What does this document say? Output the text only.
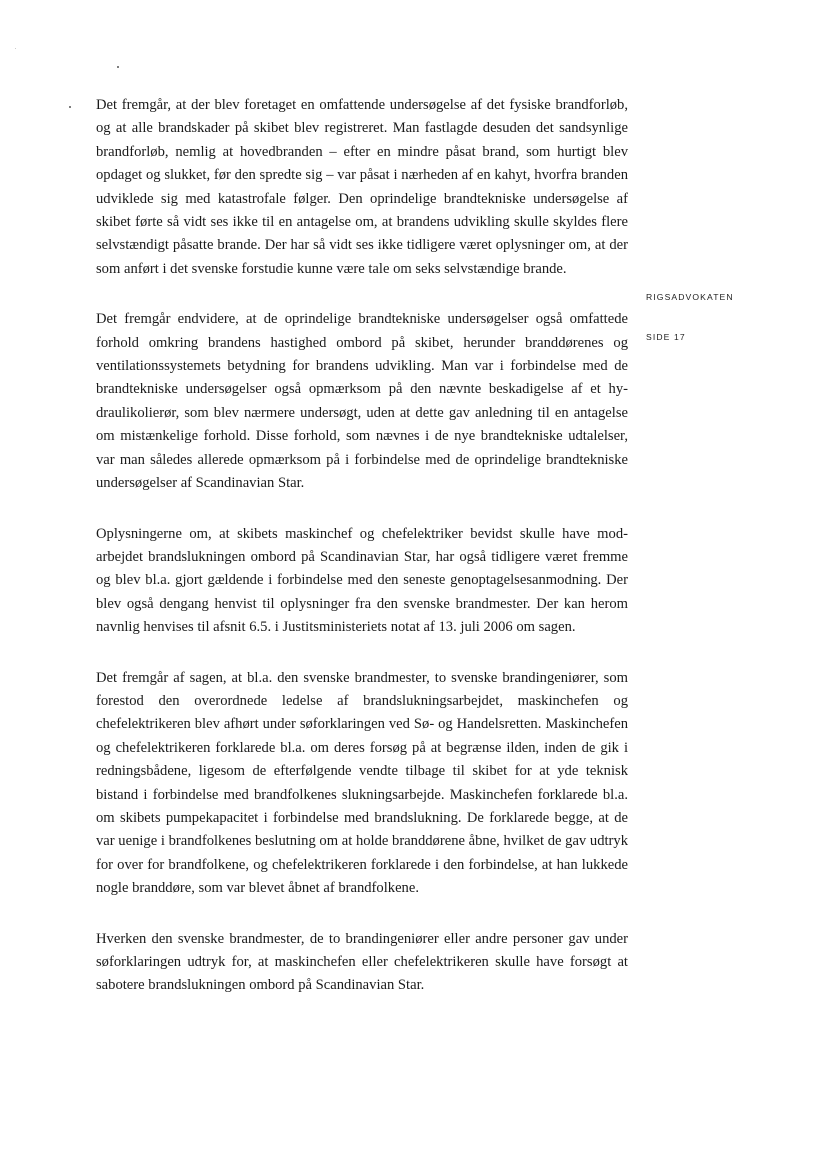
Det fremgår, at der blev foretaget en omfattende undersøgelse af det fysiske brandforløb, og at alle brandskader på skibet blev registreret. Man fastlagde desuden det sandsynlige brandforløb, nemlig at hovedbranden – efter en mindre påsat brand, som hurtigt blev opdaget og slukket, før den spredte sig – var påsat i nærheden af en kahyt, hvorfra branden udviklede sig med katastrofale følger. Den oprindelige brandtekniske undersøgelse af skibet førte så vidt ses ikke til en antagelse om, at brandens udvikling skulle skyldes flere selvstændigt påsatte brande. Der har så vidt ses ikke tidligere været oplysninger om, at der som anført i det svenske forstudie kunne være tale om seks selvstændige brande.

Det fremgår endvidere, at de oprindelige brandtekniske undersøgelser også omfattede forhold omkring brandens hastighed ombord på skibet, herunder branddørenes og ventilationssystemets betydning for brandens udvikling. Man var i forbindelse med de brandtekniske undersøgelser også opmærksom på den nævnte beskadigelse af et hydraulikolierør, som blev nærmere undersøgt, uden at dette gav anledning til en antagelse om mistænkelige forhold. Disse forhold, som nævnes i de nye brandtekniske udtalelser, var man således allerede opmærksom på i forbindelse med de oprindelige brandtekniske undersøgelser af Scandinavian Star.

Oplysningerne om, at skibets maskinchef og chefelektriker bevidst skulle have modarbejdet brandslukningen ombord på Scandinavian Star, har også tidligere været fremme og blev bl.a. gjort gældende i forbindelse med den seneste genoptagelsesanmodning. Der blev også dengang henvist til oplysninger fra den svenske brandmester. Der kan herom navnlig henvises til afsnit 6.5. i Justitsministeriets notat af 13. juli 2006 om sagen.

Det fremgår af sagen, at bl.a. den svenske brandmester, to svenske brandingeniører, som forestod den overordnede ledelse af brandslukningsarbejdet, maskinchefen og chefelektrikeren blev afhørt under søforklaringen ved Sø- og Handelsretten. Maskinchefen og chefelektrikeren forklarede bl.a. om deres forsøg på at begrænse ilden, inden de gik i redningsbådene, ligesom de efterfølgende vendte tilbage til skibet for at yde teknisk bistand i forbindelse med brandfolkenes slukningsarbejde. Maskinchefen forklarede bl.a. om skibets pumpekapacitet i forbindelse med brandslukning. De forklarede begge, at de var uenige i brandfolkenes beslutning om at holde branddørene åbne, hvilket de gav udtryk for over for brandfolkene, og chefelektrikeren forklarede i den forbindelse, at han lukkede nogle branddøre, som var blevet åbnet af brandfolkene.

Hverken den svenske brandmester, de to brandingeniører eller andre personer gav under søforklaringen udtryk for, at maskinchefen eller chefelektrikeren skulle have forsøgt at sabotere brandslukningen ombord på Scandinavian Star.

RIGSADVOKATEN
SIDE 17
